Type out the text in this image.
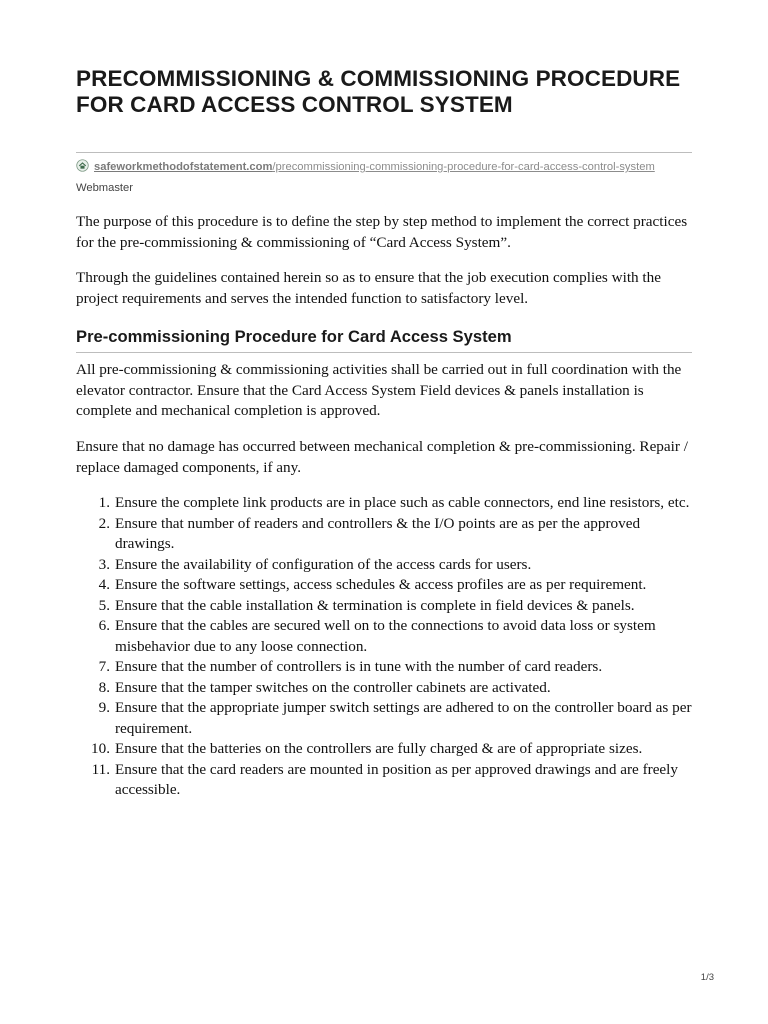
PRECOMMISSIONING & COMMISSIONING PROCEDURE FOR CARD ACCESS CONTROL SYSTEM
safeworkmethodofstatement.com/precommissioning-commissioning-procedure-for-card-access-control-system
Webmaster

The purpose of this procedure is to define the step by step method to implement the correct practices for the pre-commissioning & commissioning of “Card Access System”.

Through the guidelines contained herein so as to ensure that the job execution complies with the project requirements and serves the intended function to satisfactory level.

Pre-commissioning Procedure for Card Access System

All pre-commissioning & commissioning activities shall be carried out in full coordination with the elevator contractor. Ensure that the Card Access System Field devices & panels installation is complete and mechanical completion is approved.

Ensure that no damage has occurred between mechanical completion & pre-commissioning. Repair / replace damaged components, if any.

1. Ensure the complete link products are in place such as cable connectors, end line resistors, etc.
2. Ensure that number of readers and controllers & the I/O points are as per the approved drawings.
3. Ensure the availability of configuration of the access cards for users.
4. Ensure the software settings, access schedules & access profiles are as per requirement.
5. Ensure that the cable installation & termination is complete in field devices & panels.
6. Ensure that the cables are secured well on to the connections to avoid data loss or system misbehavior due to any loose connection.
7. Ensure that the number of controllers is in tune with the number of card readers.
8. Ensure that the tamper switches on the controller cabinets are activated.
9. Ensure that the appropriate jumper switch settings are adhered to on the controller board as per requirement.
10. Ensure that the batteries on the controllers are fully charged & are of appropriate sizes.
11. Ensure that the card readers are mounted in position as per approved drawings and are freely accessible.
1/3
